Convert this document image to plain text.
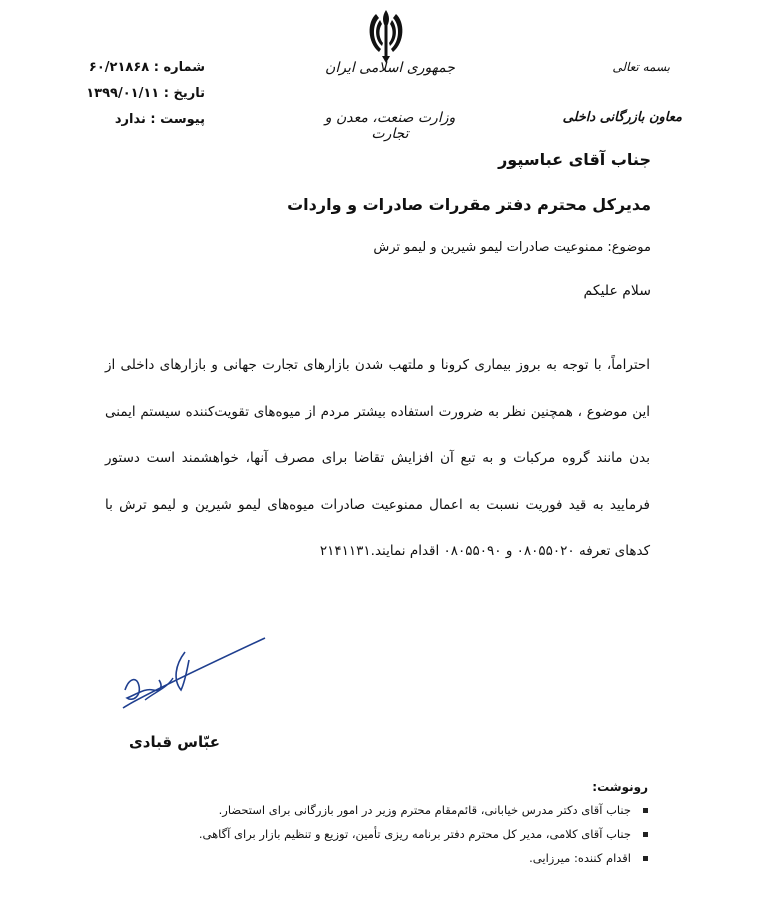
جمهوری اسلامی ایران
وزارت صنعت، معدن و تجارت
بسمه تعالی
معاون بازرگانی داخلی
شماره : ۶۰/۲۱۸۶۸
تاریخ : ۱۳۹۹/۰۱/۱۱
پیوست : ندارد
جناب آقای عباسپور
مدیرکل محترم دفتر مقررات صادرات و واردات
موضوع: ممنوعیت صادرات لیمو شیرین و لیمو ترش
سلام علیکم
احتراماً، با توجه به بروز بیماری کرونا و ملتهب شدن بازارهای تجارت جهانی و بازارهای داخلی از این موضوع ، همچنین نظر به ضرورت استفاده بیشتر مردم از میوه‌های تقویت‌کننده سیستم ایمنی بدن مانند گروه مرکبات و به تبع آن افزایش تقاضا برای مصرف آنها، خواهشمند است دستور فرمایید به قید فوریت نسبت به اعمال ممنوعیت صادرات میوه‌های لیمو شیرین و لیمو ترش با کدهای تعرفه ۰۸۰۵۵۰۲۰ و ۰۸۰۵۵۰۹۰ اقدام نمایند.۲۱۴۱۱۳۱
عبّاس قبادی
رونوشت:
جناب آقای دکتر مدرس خیابانی، قائم‌مقام محترم وزیر در امور بازرگانی برای استحضار.
جناب آقای کلامی، مدیر کل محترم دفتر برنامه ریزی تأمین، توزیع و تنظیم بازار برای آگاهی.
اقدام کننده: میرزایی.
